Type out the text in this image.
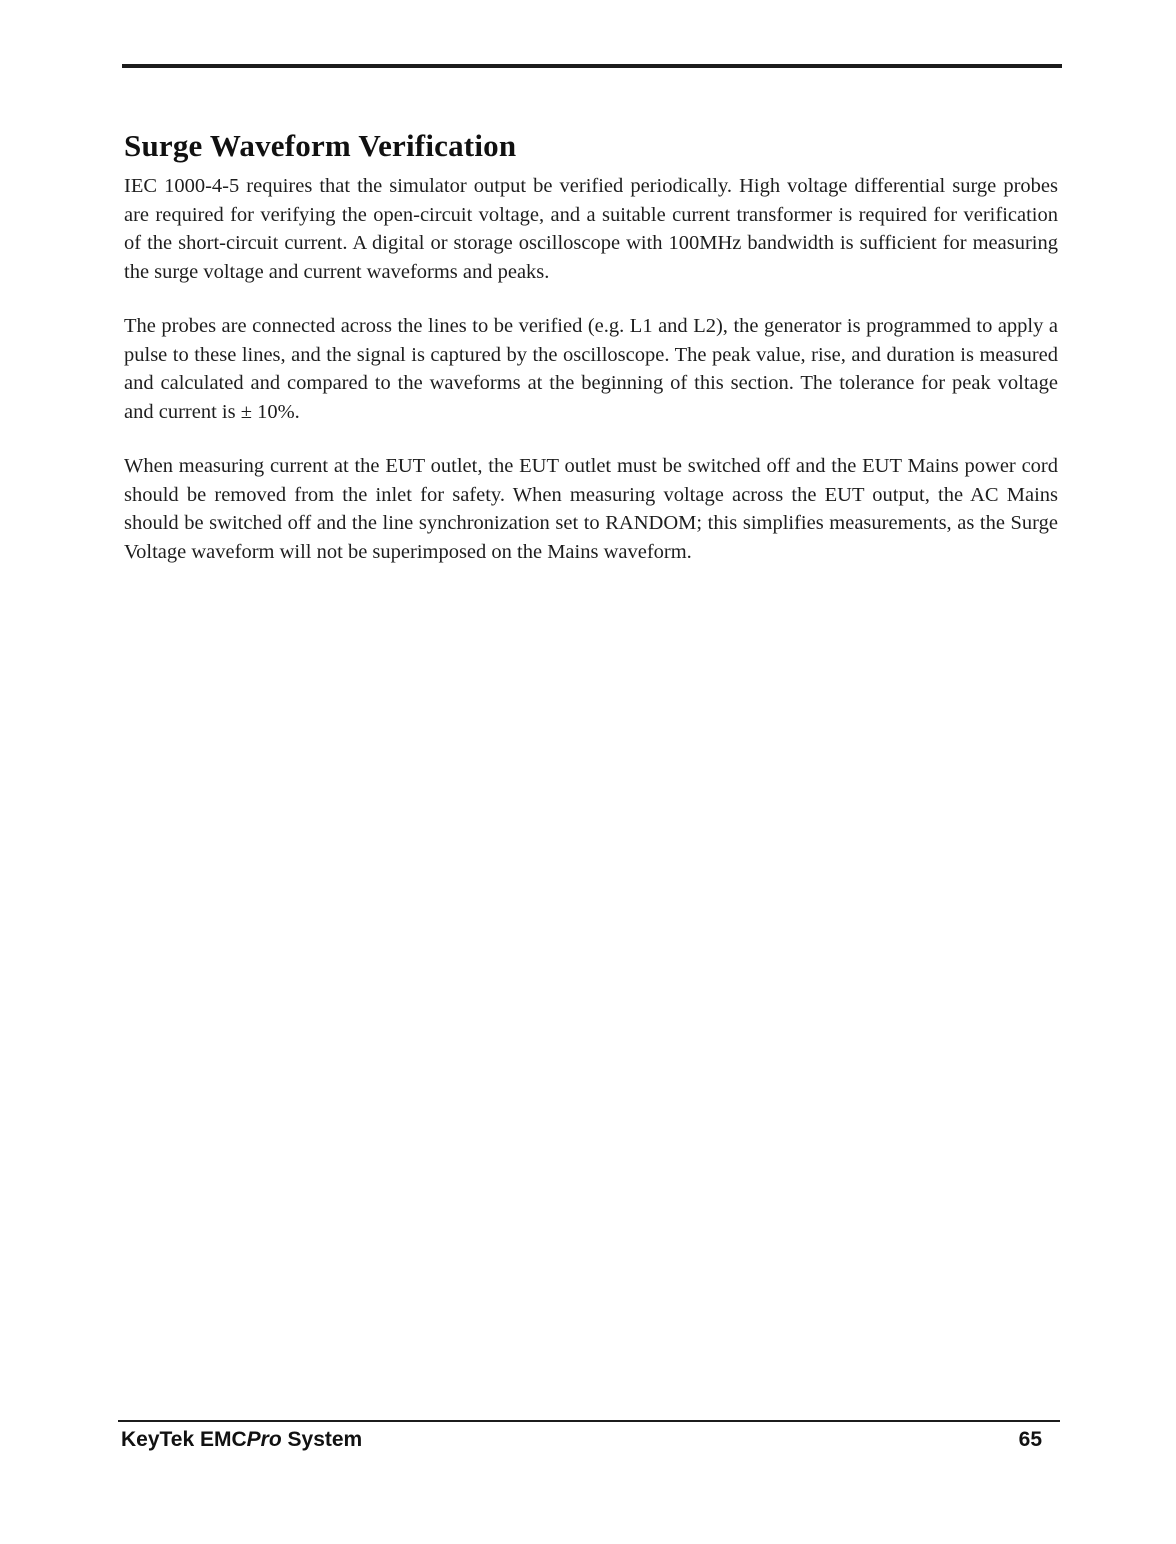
Surge Waveform Verification

IEC 1000-4-5 requires that the simulator output be verified periodically. High voltage differential surge probes are required for verifying the open-circuit voltage, and a suitable current transformer is required for verification of the short-circuit current. A digital or storage oscilloscope with 100MHz bandwidth is sufficient for measuring the surge voltage and current waveforms and peaks.

The probes are connected across the lines to be verified (e.g. L1 and L2), the generator is programmed to apply a pulse to these lines, and the signal is captured by the oscilloscope. The peak value, rise, and duration is measured and calculated and compared to the waveforms at the beginning of this section. The tolerance for peak voltage and current is ± 10%.

When measuring current at the EUT outlet, the EUT outlet must be switched off and the EUT Mains power cord should be removed from the inlet for safety. When measuring voltage across the EUT output, the AC Mains should be switched off and the line synchronization set to RANDOM; this simplifies measurements, as the Surge Voltage waveform will not be superimposed on the Mains waveform.

KeyTek EMCPro System	65
